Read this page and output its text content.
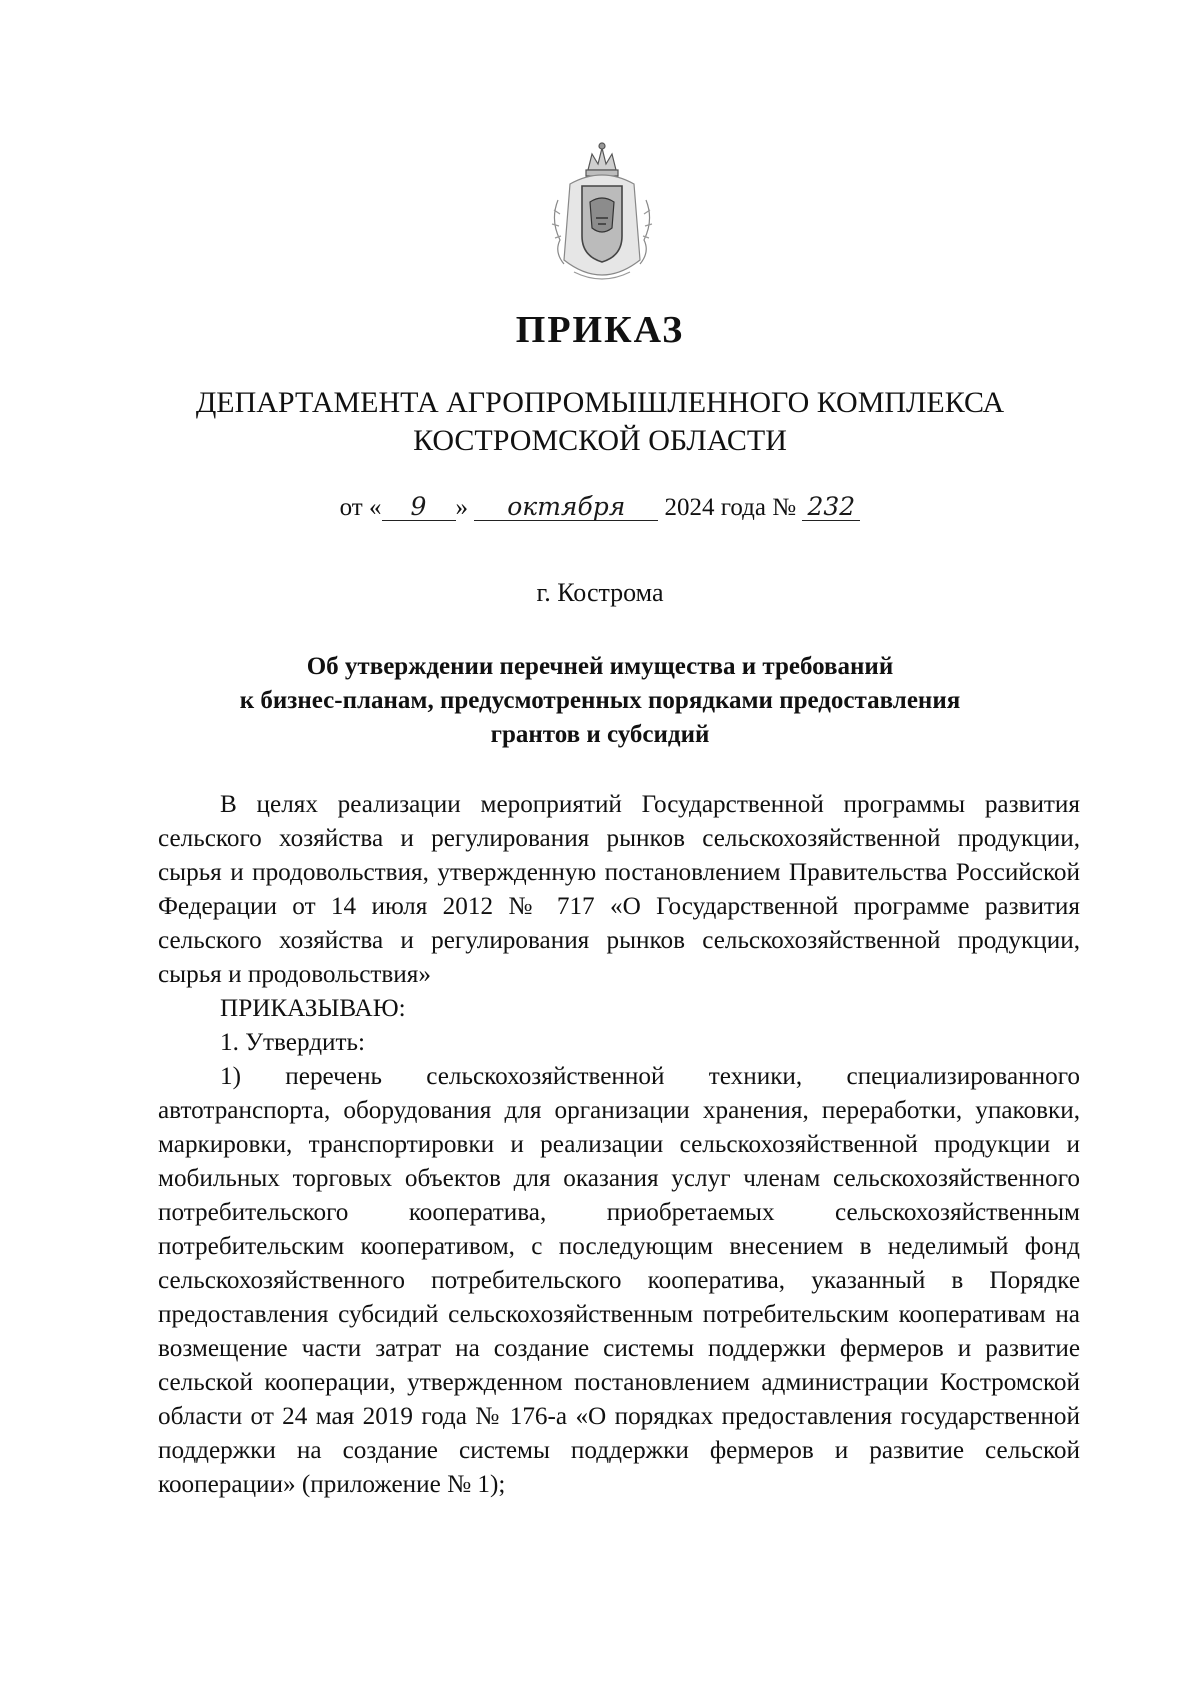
ПРИКАЗ
ДЕПАРТАМЕНТА АГРОПРОМЫШЛЕННОГО КОМПЛЕКСА
КОСТРОМСКОЙ ОБЛАСТИ
от « 9 » октября 2024 года № 232
г. Кострома
Об утверждении перечней имущества и требований
к бизнес-планам, предусмотренных порядками предоставления
грантов и субсидий

В целях реализации мероприятий Государственной программы развития сельского хозяйства и регулирования рынков сельскохозяйственной продукции, сырья и продовольствия, утвержденную постановлением Правительства Российской Федерации от 14 июля 2012 № 717 «О Государственной программе развития сельского хозяйства и регулирования рынков сельскохозяйственной продукции, сырья и продовольствия»

ПРИКАЗЫВАЮ:

1. Утвердить:

1) перечень сельскохозяйственной техники, специализированного автотранспорта, оборудования для организации хранения, переработки, упаковки, маркировки, транспортировки и реализации сельскохозяйственной продукции и мобильных торговых объектов для оказания услуг членам сельскохозяйственного потребительского кооператива, приобретаемых сельскохозяйственным потребительским кооперативом, с последующим внесением в неделимый фонд сельскохозяйственного потребительского кооператива, указанный в Порядке предоставления субсидий сельскохозяйственным потребительским кооперативам на возмещение части затрат на создание системы поддержки фермеров и развитие сельской кооперации, утвержденном постановлением администрации Костромской области от 24 мая 2019 года № 176-а «О порядках предоставления государственной поддержки на создание системы поддержки фермеров и развитие сельской кооперации» (приложение № 1);
